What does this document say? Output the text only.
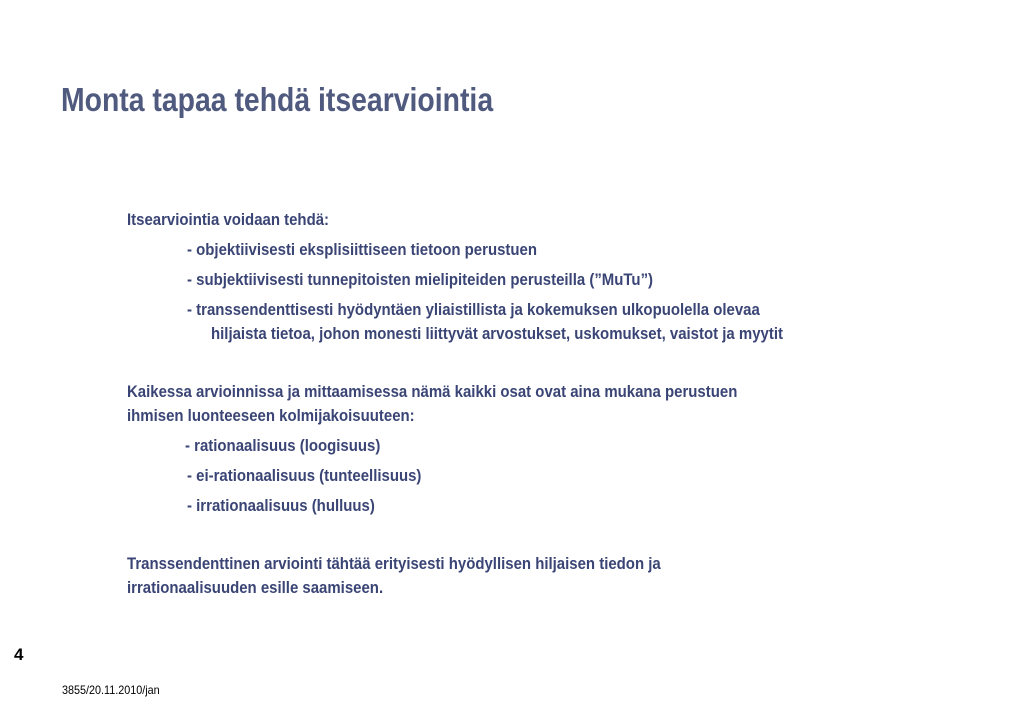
Monta tapaa tehdä itsearviointia
Itsearviointia voidaan tehdä:
- objektiivisesti eksplisiittiseen tietoon perustuen
- subjektiivisesti tunnepitoisten mielipiteiden perusteilla (”MuTu”)
- transsendenttisesti hyödyntäen yliaistillista ja kokemuksen ulkopuolella olevaa
hiljaista tietoa, johon monesti liittyvät arvostukset, uskomukset, vaistot ja myytit
Kaikessa arvioinnissa ja mittaamisessa nämä kaikki osat ovat aina mukana perustuen
ihmisen luonteeseen kolmijakoisuuteen:
- rationaalisuus (loogisuus)
- ei-rationaalisuus (tunteellisuus)
- irrationaalisuus (hulluus)
Transsendenttinen arviointi tähtää erityisesti hyödyllisen hiljaisen tiedon ja
irrationaalisuuden esille saamiseen.
4
3855/20.11.2010/jan
